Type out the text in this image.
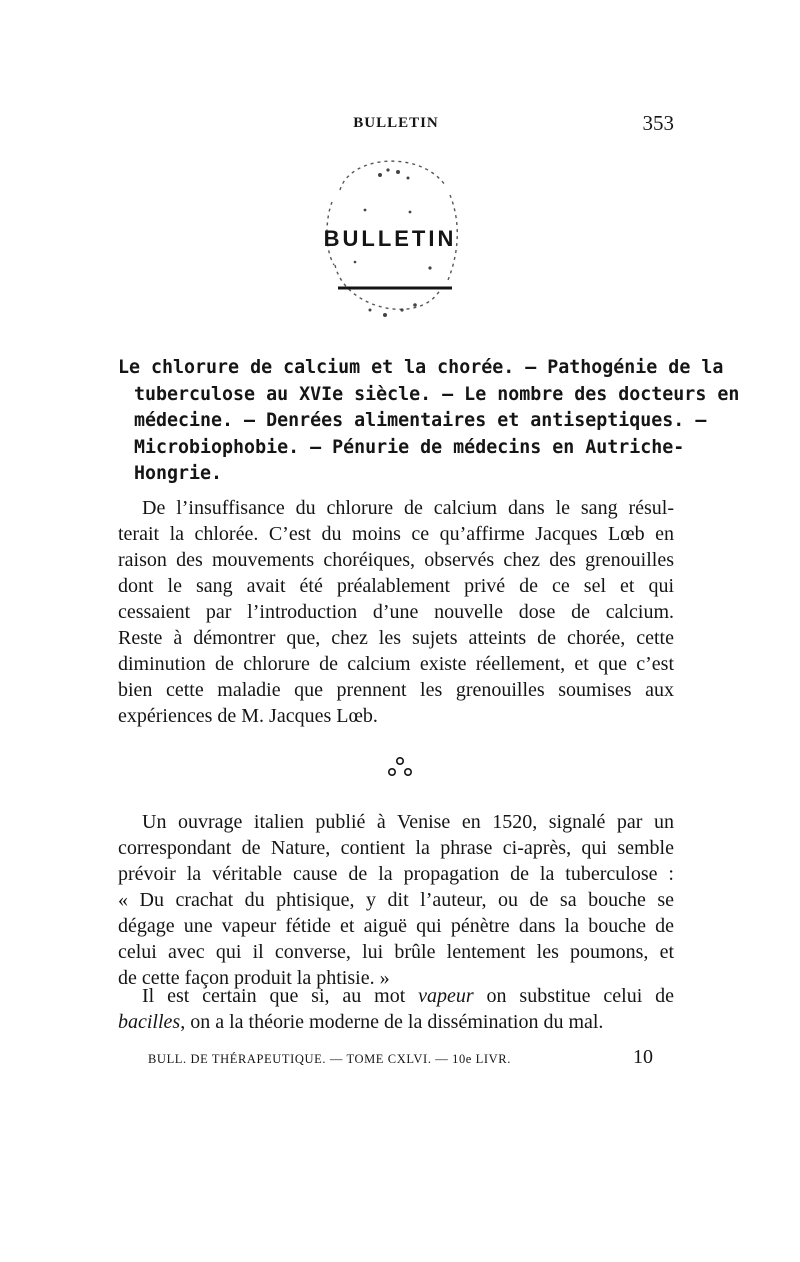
BULLETIN	353
BULLETIN
Le chlorure de calcium et la chorée. — Pathogénie de la
tuberculose au XVIe siècle. — Le nombre des docteurs en
médecine. — Denrées alimentaires et antiseptiques. —
Microbiophobie. — Pénurie de médecins en Autriche-
Hongrie.
De l’insuffisance du chlorure de calcium dans le sang résul-
terait la chlorée. C’est du moins ce qu’affirme Jacques Lœb en
raison des mouvements choréiques, observés chez des grenouilles
dont le sang avait été préalablement privé de ce sel et qui
cessaient par l’introduction d’une nouvelle dose de calcium.
Reste à démontrer que, chez les sujets atteints de chorée, cette
diminution de chlorure de calcium existe réellement, et que c’est
bien cette maladie que prennent les grenouilles soumises aux
expériences de M. Jacques Lœb.
Un ouvrage italien publié à Venise en 1520, signalé par un
correspondant de Nature, contient la phrase ci-après, qui semble
prévoir la véritable cause de la propagation de la tuberculose :
« Du crachat du phtisique, y dit l’auteur, ou de sa bouche se
dégage une vapeur fétide et aiguë qui pénètre dans la bouche de
celui avec qui il converse, lui brûle lentement les poumons, et
de cette façon produit la phtisie. »
Il est certain que si, au mot vapeur on substitue celui de
bacilles, on a la théorie moderne de la dissémination du mal.
BULL. DE THÉRAPEUTIQUE. — TOME CXLVI. — 10e LIVR.	10
